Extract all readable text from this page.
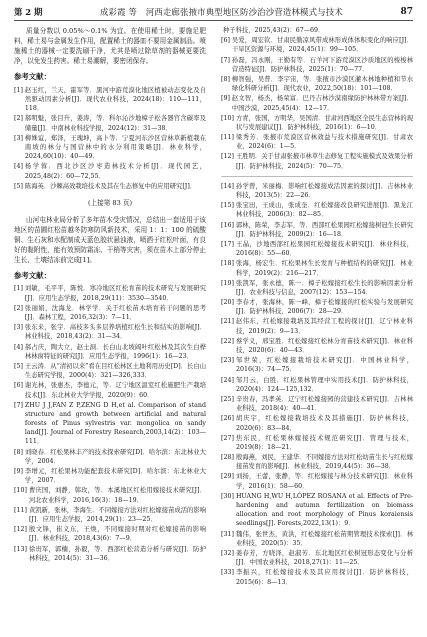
第 2 期	成彩霞 等　河西走廊张掖市典型地区防沙治沙营造林模式与技术	87

质量分数以 0.05%～0.1% 为宜。在使用稀土时，要施足肥料，稀土易与金属发生作用，配置稀土的器皿不要用金属制品。喷施稀土的器械一定要洗刷干净，尤其是喷过除草剂的器械更要洗净，以免发生药害。稀土易潮解，要密闭保存。

参考文献：
[1] 赵玉红，兰天，霍军等．黑河中游荒漠化地区植被动态变化及自然驱动因素分析[J]．现代农业科技，2024(18)：110—111，118．
[2] 郝明魁，张目升，姜涛，等．科尔沁沙地樟子松各器官含碳率及储量[J]．中南林业科技学报，2024(12)：31—38．
[3] 柳姝谊，郑泽，王瑰坤，高卜等．宁夏河东沙区营林草新植栽在南坡的林分与国营林中的水分利用策略[J]．林业科学，2024,60(10)：40—49．
[4] 杨学蓉．西北沙区沙枣造林技术分析[J]．现代园艺，2025,48(2)：60—72,55．
[5] 陈海英．沙棘高效栽培技术及其在生态修复中的应用研究[J]．
(上接第 83 页)

山河屯林业局分析了多年苗木受灾情况，总结出一套适用于该地区的苗圃红松苗越冬防寒防风新技术，采用 1：1：100 的硫酸铜、生石灰和水配制成天蓝色胶状悬浊液，喷洒于红松叶面，有良好的黏附性，能有效预防霜冻、干梢等灾害，须在苗木上部分停止生长、土壤结冻前完成[1]。

参考文献：
[1] 刘敏，毛平平，陈悦．寒冷地区红松育苗的技术研究与发展研究[J]．应用生态学报，2018,29(11)：3530—3540．
[2] 张丽娟，沈海龙．林学学．关于红松苗木培育若干问题的思考[J]．森林工程，2016,32(3)：7—11．
[3] 张东来，张宇．高枝多头多层养培植红松生长和结实的影响[J]．林业科技，2018,43(2)：31—34．
[4] 郝占庆，陶大立，赵士洞．长白山北坡阔叶红松林及其次生白桦林林窗特征的研究[J]．应用生态学报，1996(1)：16—23．
[5] 王云涛．从“清初以来”看在目红松林区土地利用历史[D]．长白山生态研究学报，2000(4)：321—326,333．
[6] 谢光林，张惠杰，李德元，等．辽宁地区温室红松施肥生产栽培技术[J]．东北林业大学学报，2020(9)：60．
[7] ZHU J J,FAN Z P,ZENG D H,et al. Comparison of stand structure and growth between artificial and natural forests of Pinus sylvestris var. mongolica on sandy land[J]. Journal of Forestry Research,2003,14(2)：103—111．
[8] 刘晓春．红松果林丰产的技术探索研究[D]．哈尔滨：东北林业大学，2004．
[9] 李增元，红松果林功能配套技术研究[D]．哈尔滨：东北林业大学，2007．
[10] 曹庆国，刘静，韩玫，等．本溪地区红松用嫁接技术研究[J]．河北农业科学，2016,16(3)：18—19．
[11] 黄凯新，张林，李海生．不同嫁接方法对红松嫁接苗成活的影响[J]．应用生态学报，2014,29(1)：23—25．
[12] 殷文锋，崔义东，王焕，不同嫁接时期对红松嫁接苗的影响[J]．林业科技，2018,43(6)：7—9．
[13] 徐贵军，郭楠，孙毅，等．西部红松营造分析与研究[J]．防护林科技，2014(5)：31—36．
种子科技，2025,43(2)：67—69．
[6] 吴爱，周宏钦．甘肃民勤凉风带成林形成体体积变化的响应[J]．干旱区资源与环境，2024,45(1)：99—105．
[7] 孙磊，冯永刚，王勤有等．石羊河下游荒漠区沙质地区的梭梭林营造特征[J]．防护林科技，2025(1)：70—77．
[8] 柳智强，吴普．李宇宙，等．张掖市沙漠区灌木林地种植和节水绿化科研分析[J]．现代农业，2022,50(18)：101—108．
[9] 赵文智，杨杰，杨荣富．巴丹吉林沙漠南缘防护林林带方案[J]．中国沙漠，2025,45(4)：12—17．
[10] 方青，张国，方明华，吴国清．甘肃河西地区全民生态营林的现状与发展建议[J]．防护林科技，2016(1)：6—10．
[11] 梁秀芳．张掖市荒漠区营林效益与技术措施研究[J]．甘肃农业，2024(6)：1—5．
[12] 王胜明．关于甘肃张掖市林草生态修复工程实施模式及效果分析[J]．防护林科技，2024(5)：70—75．
[14] 孙学曾，米丽梅．影响红松嫁接成活因素的探讨[J]．吉林林业科技，2013(5)：22—26．
[15] 张宝田，王成山，张成奎．红松嫁接改良研究进展[J]．黑龙江林业科技，2006(3)：82—85．
[16] 郭林，陈荣，李志军，等．西部红松果园红松嫁接树冠生长研究[J]．防护林科技，2009(2)：16—18．
[17] 王晶，沙地西部红松果园红松嫁接技术研究[J]．林业科技，2016(8)：55—60．
[18] 张海，杨宏生．红松果林生长发育与种植结构的研究[J]．林业科学，2019(2)：216—217．
[19] 张凯军，张永德，陈一．樟子松嫁接红松生长的影响因素分析[J]．农业科技与信息，2007(12)：153—154．
[20] 李春才，张海林，陈一峰，樟子松嫁接的红松实验与发展研究[J]．防护林科技，2006(7)：28—29．
[21] 赵伟东，红松嫁接栽培及其经营工程的探讨[J]．辽宁林业科技，2019(2)：9—13．
[22] 蔡学义，邢宝胜．红松嫁接红松林分育苗技术研究[J]．林业科技，2020(6)：40—43．
[23] 邹世荣，红松嫁接栽培技术研究[J]．中国林业科学，2016(3)：74—75．
[24] 邹月云，白胜．红松果林管理中实用技术[J]．防护林科技，2020(4)：124—125,132．
[25] 辛贵春，冯孝英．辽宁红松嫁接园的营建技术研究[J]．吉林林业科技，2018(4)：40—41．
[26] 胡庆宇，红松嫁接栽培技术及其措施[J]．防护林科技，2020(6)：83—84．
[27] 焦东民，红松果林嫁接技术规范研究[J]．管理与技术，2019(8)：18—21．
[28] 殷海燕，刘民，王建华．不同嫁接方法对红松幼苗生长与红松嫁接苗发育的影响[J]．林业科技，2019,44(5)：36—38．
[29] 刘扬，王蕾，张静，等．红松嫁接与林分技术研究[J]．林业科学，2016(1)：58—60．
[30] HUANG H,WU H,LÓPEZ ROSANA et al. Effects of Pre-hardening and autumn fertilization on biomass allocation and root morphology of Pinus koraiensis seedlings[J]. Forests,2022,13(1)：9．
[31] 魏伟，张世杰，黄洪，红松嫁接红松苗期管理技术探索[J]．林业科技，2020(5)：35．
[32] 姜春芳，方晓泽，赵淑芳．东北地区红松树冠形态变化与分析[J]．中国农业科技，2018,27(1)：11—25．
[33] 李振兴，红松嫁接技术及其应用探讨[J]．防护林科技，2015(6)：8—13．
